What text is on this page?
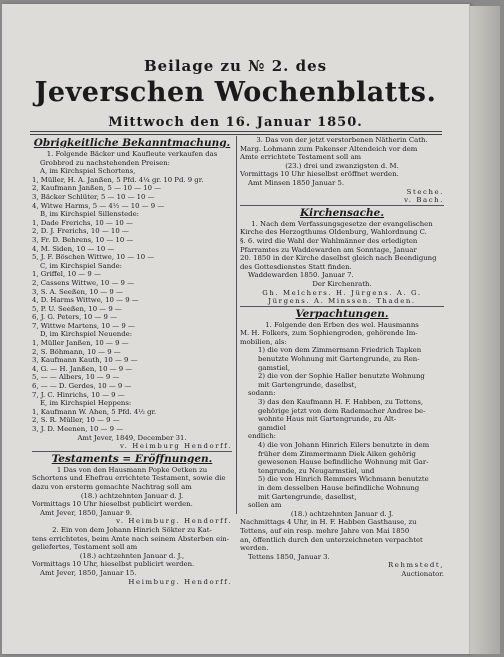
Beilage zu № 2. des
Jeverschen Wochenblatts.
Mittwoch den 16. Januar 1850.

Obrigkeitliche Bekanntmachung.

1. Folgende Bäcker und Kaufleute verkaufen das

Grobbrod zu nachstehenden Preisen:

A, im Kirchspiel Schortens,

1, Müller, H. A. Janßen, 5 Pfd. 4¼ gr. 10 Pd. 9 gr.

2, Kaufmann Janßen, 5 — 10 — 10 —

3, Bäcker Schlüter, 5 — 10 — 10 —

4, Witwe Harms, 5 — 4½ — 10 — 9 —

B, im Kirchspiel Sillenstede:

1, Dade Frerichs, 10 — 10 —

2, D. J. Frerichs, 10 — 10 —

3, Fr. D. Behrens, 10 — 10 —

4, M. Siden, 10 — 10 —

5, J. F. Böschen Wittwe, 10 — 10 —

C, im Kirchspiel Sande:

1, Griffel, 10 — 9 —

2, Cassens Wittwe, 10 — 9 —

3, S. A. Seeßen, 10 — 9 —

4, D. Harms Wittwe, 10 — 9 —

5, P. U. Seeßen, 10 — 9 —

6, J. G. Peters, 10 — 9 —

7, Wittwe Martens, 10 — 9 —

D, im Kirchspiel Neuende:

1, Müller Janßen, 10 — 9 —

2, S. Böhmann, 10 — 9 —

3, Kaufmann Kauth, 10 — 9 —

4, G. — H. Janßen, 10 — 9 —

5, — — Albers, 10 — 9 —

6, — — D. Gerdes, 10 — 9 —

7, J. C. Hinrichs, 10 — 9 —

E, im Kirchspiel Heppens:

1, Kaufmann W. Ahen, 5 Pfd. 4½ gr.

2, S. R. Müller, 10 — 9 —

3, J. D. Meenen, 10 — 9 —

Amt Jever, 1849, December 31.

v. Heimburg Hendorff.

Testaments = Eröffnungen.

1 Das von den Hausmann Popke Oetken zu

Schortens und Ehefrau errichtete Testament, sowie die

dazu von ersterm gemachte Nachtrag soll am

(18.) achtzehnten Januar d. J.

Vormittags 10 Uhr hieselbst publicirt werden.

Amt Jever, 1850, Januar 9.

v. Heimburg. Hendorff.

2. Ein von dem Johann Hinrich Sökter zu Kat-

tens errichtetes, beim Amte nach seinem Absterben ein-

geliefertes, Testament soll am

(18.) achtzehnten Januar d. J.,

Vormittags 10 Uhr, hieselbst publicirt werden.

Amt Jever, 1850, Januar 15.

Heimburg. Hendorff.

3. Das von der jetzt verstorbenen Nätherin Cath.

Marg. Lohmann zum Pakenser Altendeich vor dem

Amte errichtete Testament soll am

(23.) drei und zwanzigsten d. M.

Vormittags 10 Uhr hieselbst eröffnet werden.

Amt Minsen 1850 Januar 5.

Steche.

v. Bach.

Kirchensache.

1. Nach dem Verfassungsgesetze der evangelischen

Kirche des Herzogthums Oldenburg, Wahlordnung C.

§. 6. wird die Wahl der Wahlmänner des erledigten

Pfarramtes zu Waddewarden am Sonntage, Januar

20. 1850 in der Kirche daselbst gleich nach Beendigung

des Gottesdienstes Statt finden.

Waddewarden 1850. Januar 7.

Der Kirchenrath.

Gh. Melchers. H. Jürgens. A. G.

Jürgens. A. Minssen. Thaden.

Verpachtungen.

1. Folgende den Erben des wel. Hausmanns

M. H. Folkers, zum Sophiengroden, gehörende Im-

mobilien, als:

1) die von dem Zimmermann Friedrich Tapken

benutzte Wohnung mit Gartengrunde, zu Ren-

gamstiel,

2) die von der Sophie Haller benutzte Wohnung

mit Gartengrunde, daselbst,

sodann:

3) das den Kaufmann H. F. Habben, zu Tettens,

gehörige jetzt von dem Rademacher Andree be-

wohnte Haus mit Gartengrunde, zu Alt-

gamdiel

endlich:

4) die von Johann Hinrich Eilers benutzte in dem

früher dem Zimmermann Diek Aiken gehörig

gewesenen Hause befindliche Wohnung mit Gar-

tengrunde, zu Neugarmstiel, und

5) die von Hinrich Remmers Wichmann benutzte

in dem desselben Hause befindliche Wohnung

mit Gartengrunde, daselbst,

sollen am

(18.) achtzehnten Januar d. J.

Nachmittags 4 Uhr, in H. F. Habben Gasthause, zu

Tettens, auf ein resp. mehre Jahre von Mai 1850

an, öffentlich durch den unterzeichneten verpachtet

werden.

Tettens 1850, Januar 3.

Rehmstedt,

Auctionator.
